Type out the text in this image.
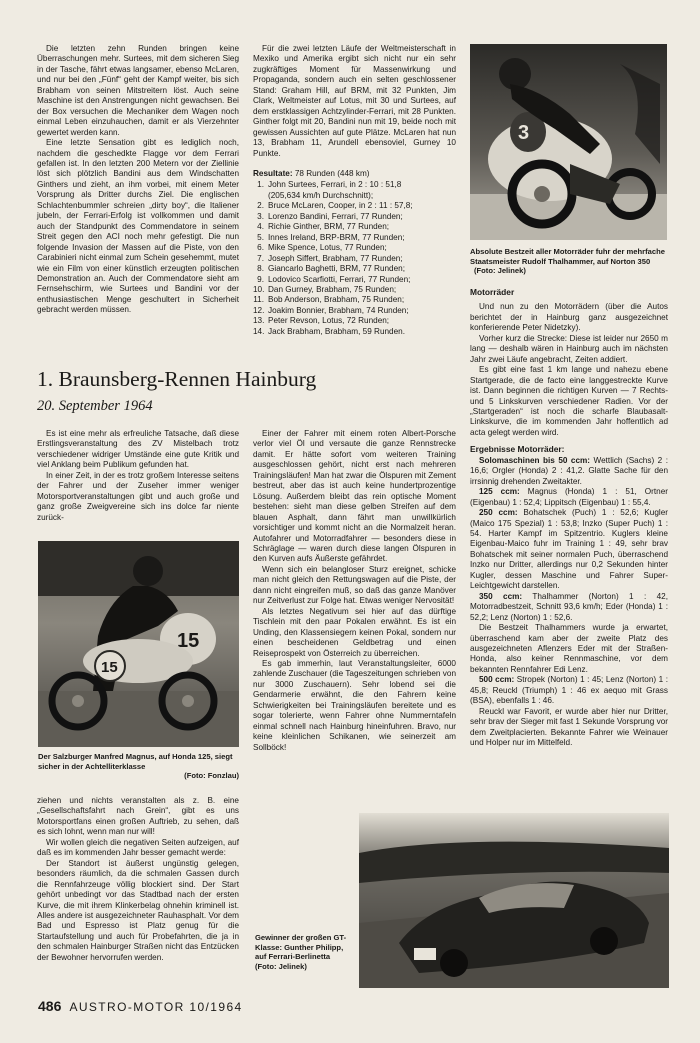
Die letzten zehn Runden bringen keine Überraschungen mehr. Surtees, mit dem sicheren Sieg in der Tasche, fährt etwas langsamer, ebenso McLaren, und nur bei den „Fünf“ geht der Kampf weiter, bis sich Brabham von seinen Mitstreitern löst. Auch seine Maschine ist den Anstrengungen nicht gewachsen. Bei der Box versuchen die Mechaniker dem Wagen noch einmal Leben einzuhauchen, damit er als Vierzehnter gewertet werden kann.

Eine letzte Sensation gibt es lediglich noch, nachdem die geschedkte Flagge vor dem Ferrari gefallen ist. In den letzten 200 Metern vor der Ziellinie löst sich plötzlich Bandini aus dem Windschatten Ginthers und zieht, an ihm vorbei, mit einem Meter Vorsprung als Dritter durchs Ziel. Die englischen Schlachtenbummler schreien „dirty boy“, die Italiener jubeln, der Ferrari-Erfolg ist vollkommen und damit auch der Standpunkt des Commendatore in seinem Streit gegen den ACI noch mehr gefestigt. Die nun folgende Invasion der Massen auf die Piste, von den Carabinieri nicht einmal zum Schein gesehemmt, mutet wie ein Film von einer künstlich erzeugten politischen Demonstration an. Auch der Commendatore sieht am Fernsehschirm, wie Surtees und Bandini vor der enthusiastischen Menge geschultert in Sicherheit gebracht werden müssen.

Für die zwei letzten Läufe der Weltmeisterschaft in Mexiko und Amerika ergibt sich nicht nur ein sehr zugkräftiges Moment für Massenwirkung und Propaganda, sondern auch ein selten geschlossener Stand: Graham Hill, auf BRM, mit 32 Punkten, Jim Clark, Weltmeister auf Lotus, mit 30 und Surtees, auf dem erstklassigen Achtzylinder-Ferrari, mit 28 Punkten. Ginther folgt mit 20, Bandini nun mit 19, beide noch mit gewissen Aussichten auf gute Plätze. McLaren hat nun 13, Brabham 11, Arundell ebensoviel, Gurney 10 Punkte.

Resultate: 78 Runden (448 km)

1. John Surtees, Ferrari, in 2 : 10 : 51,8
(205,634 km/h Durchschnitt);
2. Bruce McLaren, Cooper, in 2 : 11 : 57,8;
3. Lorenzo Bandini, Ferrari, 77 Runden;
4. Richie Ginther, BRM, 77 Runden;
5. Innes Ireland, BRP-BRM, 77 Runden;
6. Mike Spence, Lotus, 77 Runden;
7. Joseph Siffert, Brabham, 77 Runden;
8. Giancarlo Baghetti, BRM, 77 Runden;
9. Lodovico Scarfiotti, Ferrari, 77 Runden;
10. Dan Gurney, Brabham, 75 Runden;
11. Bob Anderson, Brabham, 75 Runden;
12. Joakim Bonnier, Brabham, 74 Runden;
13. Peter Revson, Lotus, 72 Runden;
14. Jack Brabham, Brabham, 59 Runden.
3
Absolute Bestzeit aller Motorräder fuhr der mehrfache Staatsmeister Rudolf Thalhammer, auf Norton 350 (Foto: Jelinek)
Motorräder

Und nun zu den Motorrädern (über die Autos berichtet der in Hainburg ganz ausgezeichnet konferierende Peter Nidetzky).

Vorher kurz die Strecke: Diese ist leider nur 2650 m lang — deshalb wären in Hainburg auch im nächsten Jahr zwei Läufe angebracht, Zeiten addiert.

Es gibt eine fast 1 km lange und nahezu ebene Startgerade, die de facto eine langgestreckte Kurve ist. Dann beginnen die richtigen Kurven — 7 Rechts- und 5 Linkskurven verschiedener Radien. Vor der „Startgeraden“ ist noch die scharfe Blaubasalt-Linkskurve, die im kommenden Jahr hoffentlich ad acta gelegt werden wird.

Ergebnisse Motorräder:

Solomaschinen bis 50 ccm: Wettlich (Sachs) 2 : 16,6; Orgler (Honda) 2 : 41,2. Glatte Sache für den irrsinnig drehenden Zweitakter.

125 ccm: Magnus (Honda) 1 : 51, Ortner (Eigenbau) 1 : 52,4; Lippitsch (Eigenbau) 1 : 55,4.

250 ccm: Bohatschek (Puch) 1 : 52,6; Kugler (Maico 175 Spezial) 1 : 53,8; Inzko (Super Puch) 1 : 54. Harter Kampf im Spitzentrio. Kuglers kleine Eigenbau-Maico fuhr im Training 1 : 49, sehr brav Bohatschek mit seiner normalen Puch, überraschend Inzko nur Dritter, allerdings nur 0,2 Sekunden hinter Kugler, dessen Maschine und Fahrer Super-Leichtgewicht darstellen.

350 ccm: Thalhammer (Norton) 1 : 42, Motorradbestzeit, Schnitt 93,6 km/h; Eder (Honda) 1 : 52,2; Lenz (Norton) 1 : 52,6.

Die Bestzeit Thalhammers wurde ja erwartet, überraschend kam aber der zweite Platz des ausgezeichneten Aflenzers Eder mit der Straßen-Honda, also keiner Rennmaschine, vor dem bekannten Rennfahrer Edi Lenz.

500 ccm: Stropek (Norton) 1 : 45; Lenz (Norton) 1 : 45,8; Reuckl (Triumph) 1 : 46 ex aequo mit Grass (BSA), ebenfalls 1 : 46.

Reuckl war Favorit, er wurde aber hier nur Dritter, sehr brav der Sieger mit fast 1 Sekunde Vorsprung vor dem Zweitplacierten. Bekannte Fahrer wie Weinauer und Holper nur im Mittelfeld.

1. Braunsberg-Rennen Hainburg
20. September 1964

Es ist eine mehr als erfreuliche Tatsache, daß diese Erstlingsveranstaltung des ZV Mistelbach trotz verschiedener widriger Umstände eine gute Kritik und viel Anklang beim Publikum gefunden hat.

In einer Zeit, in der es trotz großem Interesse seitens der Fahrer und der Zuseher immer weniger Motorsportveranstaltungen gibt und auch große und ganz große Zweigvereine sich ins dolce far niente zurück-

15
15
Der Salzburger Manfred Magnus, auf Honda 125, siegt sicher in der Achtelliterklasse
(Foto: Fonzlau)

ziehen und nichts veranstalten als z. B. eine „Gesellschaftsfahrt nach Grein“, gibt es uns Motorsportfans einen großen Auftrieb, zu sehen, daß es sich lohnt, wenn man nur will!

Wir wollen gleich die negativen Seiten aufzeigen, auf daß es im kommenden Jahr besser gemacht werde:

Der Standort ist äußerst ungünstig gelegen, besonders räumlich, da die schmalen Gassen durch die Rennfahrzeuge völlig blockiert sind. Der Start gehört unbedingt vor das Stadtbad nach der ersten Kurve, die mit ihrem Klinkerbelag ohnehin kriminell ist. Alles andere ist ausgezeichneter Rauhasphalt. Vor dem Bad und Espresso ist Platz genug für die Startaufstellung und auch für Probefahrten, die ja in den schmalen Hainburger Straßen nicht das Entzücken der Bewohner hervorrufen werden.

Einer der Fahrer mit einem roten Albert-Porsche verlor viel Öl und versaute die ganze Rennstrecke damit. Er hätte sofort vom weiteren Training ausgeschlossen gehört, nicht erst nach mehreren Trainingsläufen! Man hat zwar die Ölspuren mit Zement bestreut, aber das ist auch keine hundertprozentige Lösung. Außerdem bleibt das rein optische Moment bestehen: sieht man diese gelben Streifen auf dem blauen Asphalt, dann fährt man unwillkürlich vorsichtiger und kommt nicht an die Normalzeit heran. Autofahrer und Motorradfahrer — besonders diese in Schräglage — waren durch diese langen Ölspuren in den Kurven aufs Äußerste gefährdet.

Wenn sich ein belangloser Sturz ereignet, schicke man nicht gleich den Rettungswagen auf die Piste, der dann nicht eingreifen muß, so daß das ganze Manöver nur Zeitverlust zur Folge hat. Etwas weniger Nervosität!

Als letztes Negativum sei hier auf das dürftige Tischlein mit den paar Pokalen erwähnt. Es ist ein Unding, den Klassensiegern keinen Pokal, sondern nur einen bescheidenen Geldbetrag und einen Reiseprospekt von Österreich zu überreichen.

Es gab immerhin, laut Veranstaltungsleiter, 6000 zahlende Zuschauer (die Tageszeitungen schrieben von nur 3000 Zuschauern). Sehr lobend sei die Gendarmerie erwähnt, die den Fahrern keine Schwierigkeiten bei Trainingsläufen bereitete und es sogar tolerierte, wenn Fahrer ohne Nummerntafeln einmal schnell nach Hainburg hineinfuhren. Bravo, nur keine kleinlichen Schikanen, wie seinerzeit am Sollböck!

Gewinner der großen GT-Klasse: Gunther Philipp, auf Ferrari-Berlinetta
(Foto: Jelinek)
486 AUSTRO-MOTOR 10/1964
